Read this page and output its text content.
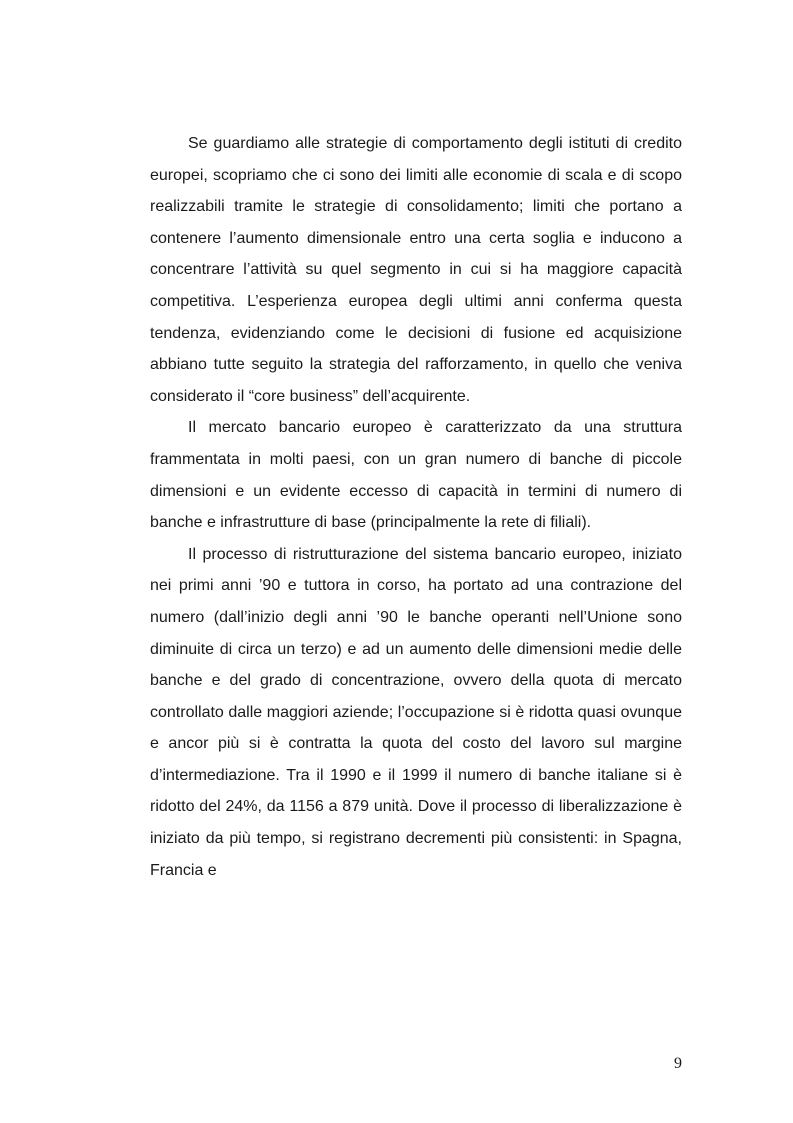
Se guardiamo alle strategie di comportamento degli istituti di credito europei, scopriamo che ci sono dei limiti alle economie di scala e di scopo realizzabili tramite le strategie di consolidamento; limiti che portano a contenere l’aumento dimensionale entro una certa soglia e inducono a concentrare l’attività su quel segmento in cui si ha maggiore capacità competitiva. L’esperienza europea degli ultimi anni conferma questa tendenza, evidenziando come le decisioni di fusione ed acquisizione abbiano tutte seguito la strategia del rafforzamento, in quello che veniva considerato il “core business” dell’acquirente.

Il mercato bancario europeo è caratterizzato da una struttura frammentata in molti paesi, con un gran numero di banche di piccole dimensioni e un evidente eccesso di capacità in termini di numero di banche e infrastrutture di base (principalmente la rete di filiali).

Il processo di ristrutturazione del sistema bancario europeo, iniziato nei primi anni ’90 e tuttora in corso, ha portato ad una contrazione del numero (dall’inizio degli anni ’90 le banche operanti nell’Unione sono diminuite di circa un terzo) e ad un aumento delle dimensioni medie delle banche e del grado di concentrazione, ovvero della quota di mercato controllato dalle maggiori aziende; l’occupazione si è ridotta quasi ovunque e ancor più si è contratta la quota del costo del lavoro sul margine d’intermediazione. Tra il 1990 e il 1999 il numero di banche italiane si è ridotto del 24%, da 1156 a 879 unità. Dove il processo di liberalizzazione è iniziato da più tempo, si registrano decrementi più consistenti: in Spagna, Francia e

9
